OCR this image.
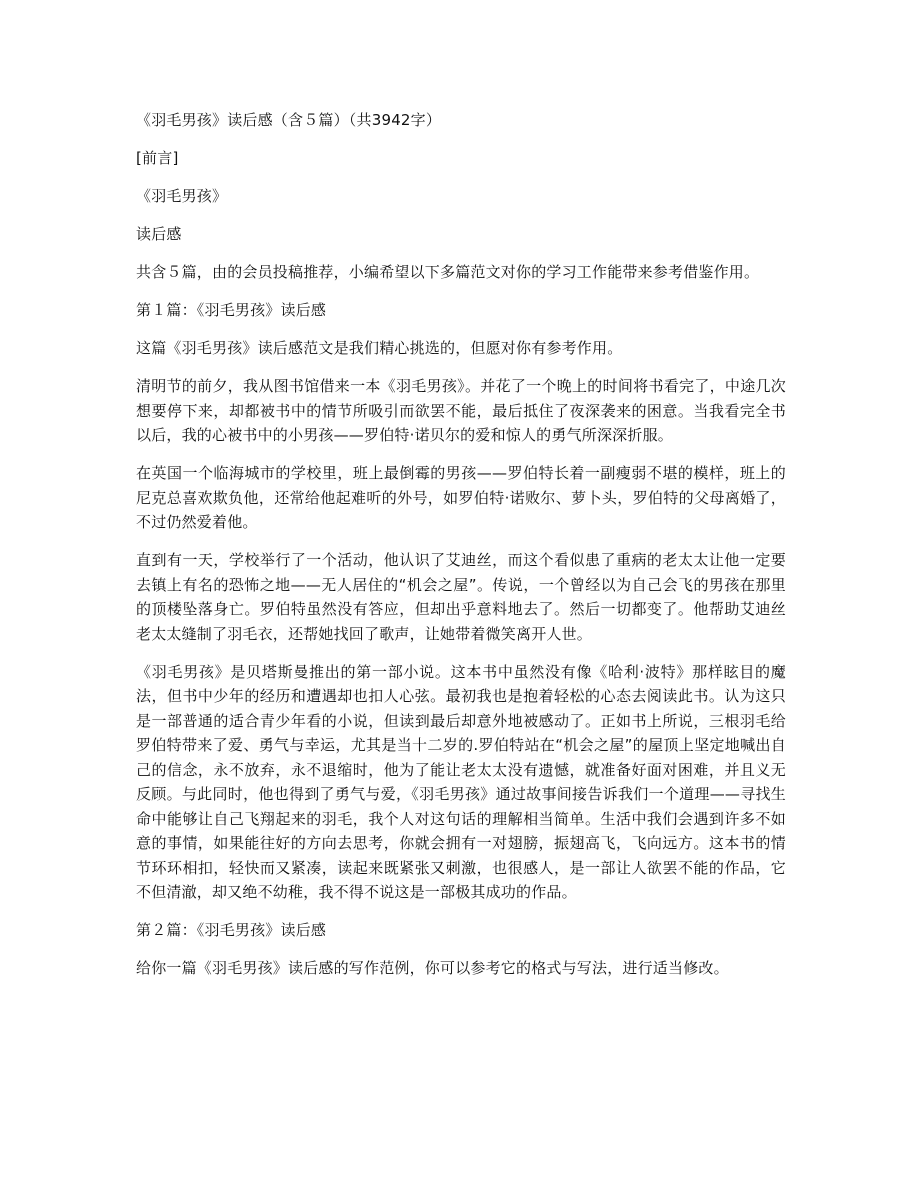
《羽毛男孩》读后感（含５篇）（共3942字）

[前言]

《羽毛男孩》

读后感

共含５篇，由的会员投稿推荐，小编希望以下多篇范文对你的学习工作能带来参考借鉴作用。

第１篇：《羽毛男孩》读后感

这篇《羽毛男孩》读后感范文是我们精心挑选的，但愿对你有参考作用。

清明节的前夕，我从图书馆借来一本《羽毛男孩》。并花了一个晚上的时间将书看完了，中途几次想要停下来，却都被书中的情节所吸引而欲罢不能，最后抵住了夜深袭来的困意。当我看完全书以后，我的心被书中的小男孩——罗伯特·诺贝尔的爱和惊人的勇气所深深折服。

在英国一个临海城市的学校里，班上最倒霉的男孩——罗伯特长着一副瘦弱不堪的模样，班上的尼克总喜欢欺负他，还常给他起难听的外号，如罗伯特·诺败尔、萝卜头，罗伯特的父母离婚了，不过仍然爱着他。

直到有一天，学校举行了一个活动，他认识了艾迪丝，而这个看似患了重病的老太太让他一定要去镇上有名的恐怖之地——无人居住的“机会之屋”。传说，一个曾经以为自己会飞的男孩在那里的顶楼坠落身亡。罗伯特虽然没有答应，但却出乎意料地去了。然后一切都变了。他帮助艾迪丝老太太缝制了羽毛衣，还帮她找回了歌声，让她带着微笑离开人世。

《羽毛男孩》是贝塔斯曼推出的第一部小说。这本书中虽然没有像《哈利·波特》那样眩目的魔法，但书中少年的经历和遭遇却也扣人心弦。最初我也是抱着轻松的心态去阅读此书。认为这只是一部普通的适合青少年看的小说，但读到最后却意外地被感动了。正如书上所说，三根羽毛给罗伯特带来了爱、勇气与幸运，尤其是当十二岁的.罗伯特站在“机会之屋”的屋顶上坚定地喊出自己的信念，永不放弃，永不退缩时，他为了能让老太太没有遗憾，就准备好面对困难，并且义无反顾。与此同时，他也得到了勇气与爱，《羽毛男孩》通过故事间接告诉我们一个道理——寻找生命中能够让自己飞翔起来的羽毛，我个人对这句话的理解相当简单。生活中我们会遇到许多不如意的事情，如果能往好的方向去思考，你就会拥有一对翅膀，振翅高飞，飞向远方。这本书的情节环环相扣，轻快而又紧凑，读起来既紧张又刺激，也很感人，是一部让人欲罢不能的作品，它不但清澈，却又绝不幼稚，我不得不说这是一部极其成功的作品。

第２篇：《羽毛男孩》读后感

给你一篇《羽毛男孩》读后感的写作范例，你可以参考它的格式与写法，进行适当修改。
